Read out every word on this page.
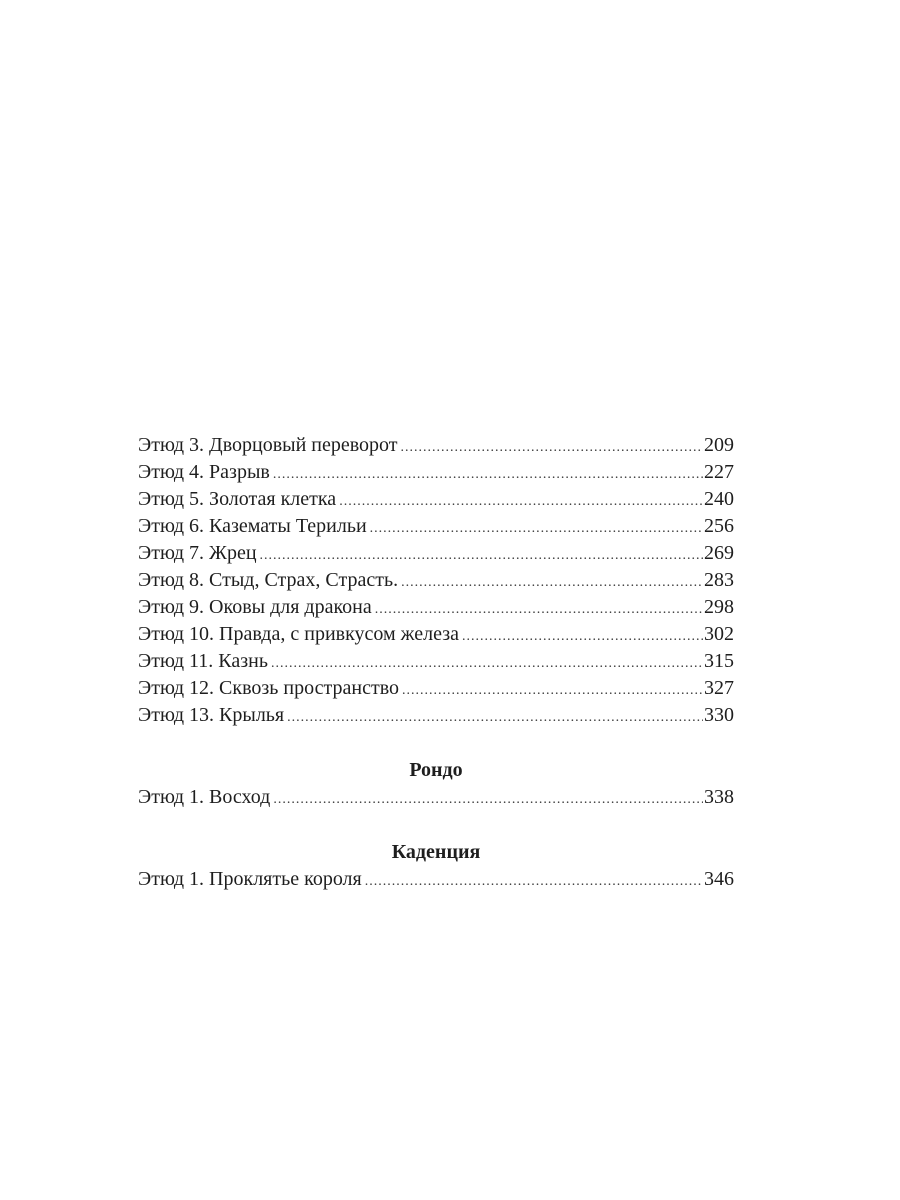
Этюд 3. Дворцовый переворот .....	209
Этюд 4. Разрыв .....	227
Этюд 5. Золотая клетка .....	240
Этюд 6. Казематы Терильи .....	256
Этюд 7. Жрец .....	269
Этюд 8. Стыд, Страх, Страсть. .....	283
Этюд 9. Оковы для дракона .....	298
Этюд 10. Правда, с привкусом железа .....	302
Этюд 11. Казнь .....	315
Этюд 12. Сквозь пространство .....	327
Этюд 13. Крылья .....	330
Рондо
Этюд 1. Восход .....	338
Каденция
Этюд 1. Проклятье короля .....	346
